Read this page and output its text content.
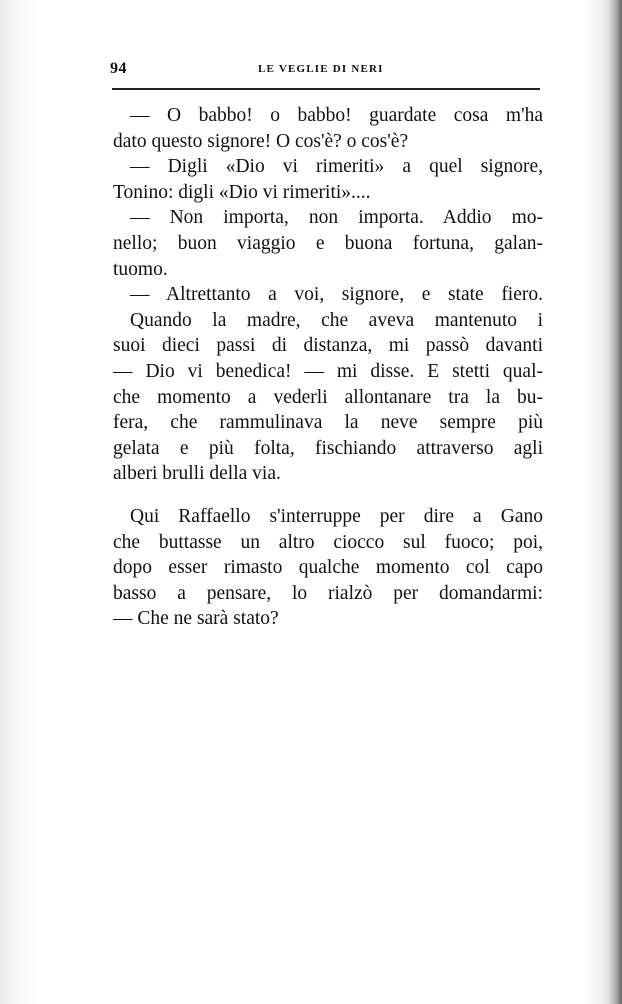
94	LE VEGLIE DI NERI
— O babbo! o babbo! guardate cosa m'ha
dato questo signore! O cos'è? o cos'è?
— Digli «Dio vi rimeriti» a quel signore,
Tonino: digli «Dio vi rimeriti»....
— Non importa, non importa. Addio mo-
nello; buon viaggio e buona fortuna, galan-
tuomo.
— Altrettanto a voi, signore, e state fiero.
Quando la madre, che aveva mantenuto i
suoi dieci passi di distanza, mi passò davanti
— Dio vi benedica! — mi disse. E stetti qual-
che momento a vederli allontanare tra la bu-
fera, che rammulinava la neve sempre più
gelata e più folta, fischiando attraverso agli
alberi brulli della via.
Qui Raffaello s'interruppe per dire a Gano
che buttasse un altro ciocco sul fuoco; poi,
dopo esser rimasto qualche momento col capo
basso a pensare, lo rialzò per domandarmi:
— Che ne sarà stato?
